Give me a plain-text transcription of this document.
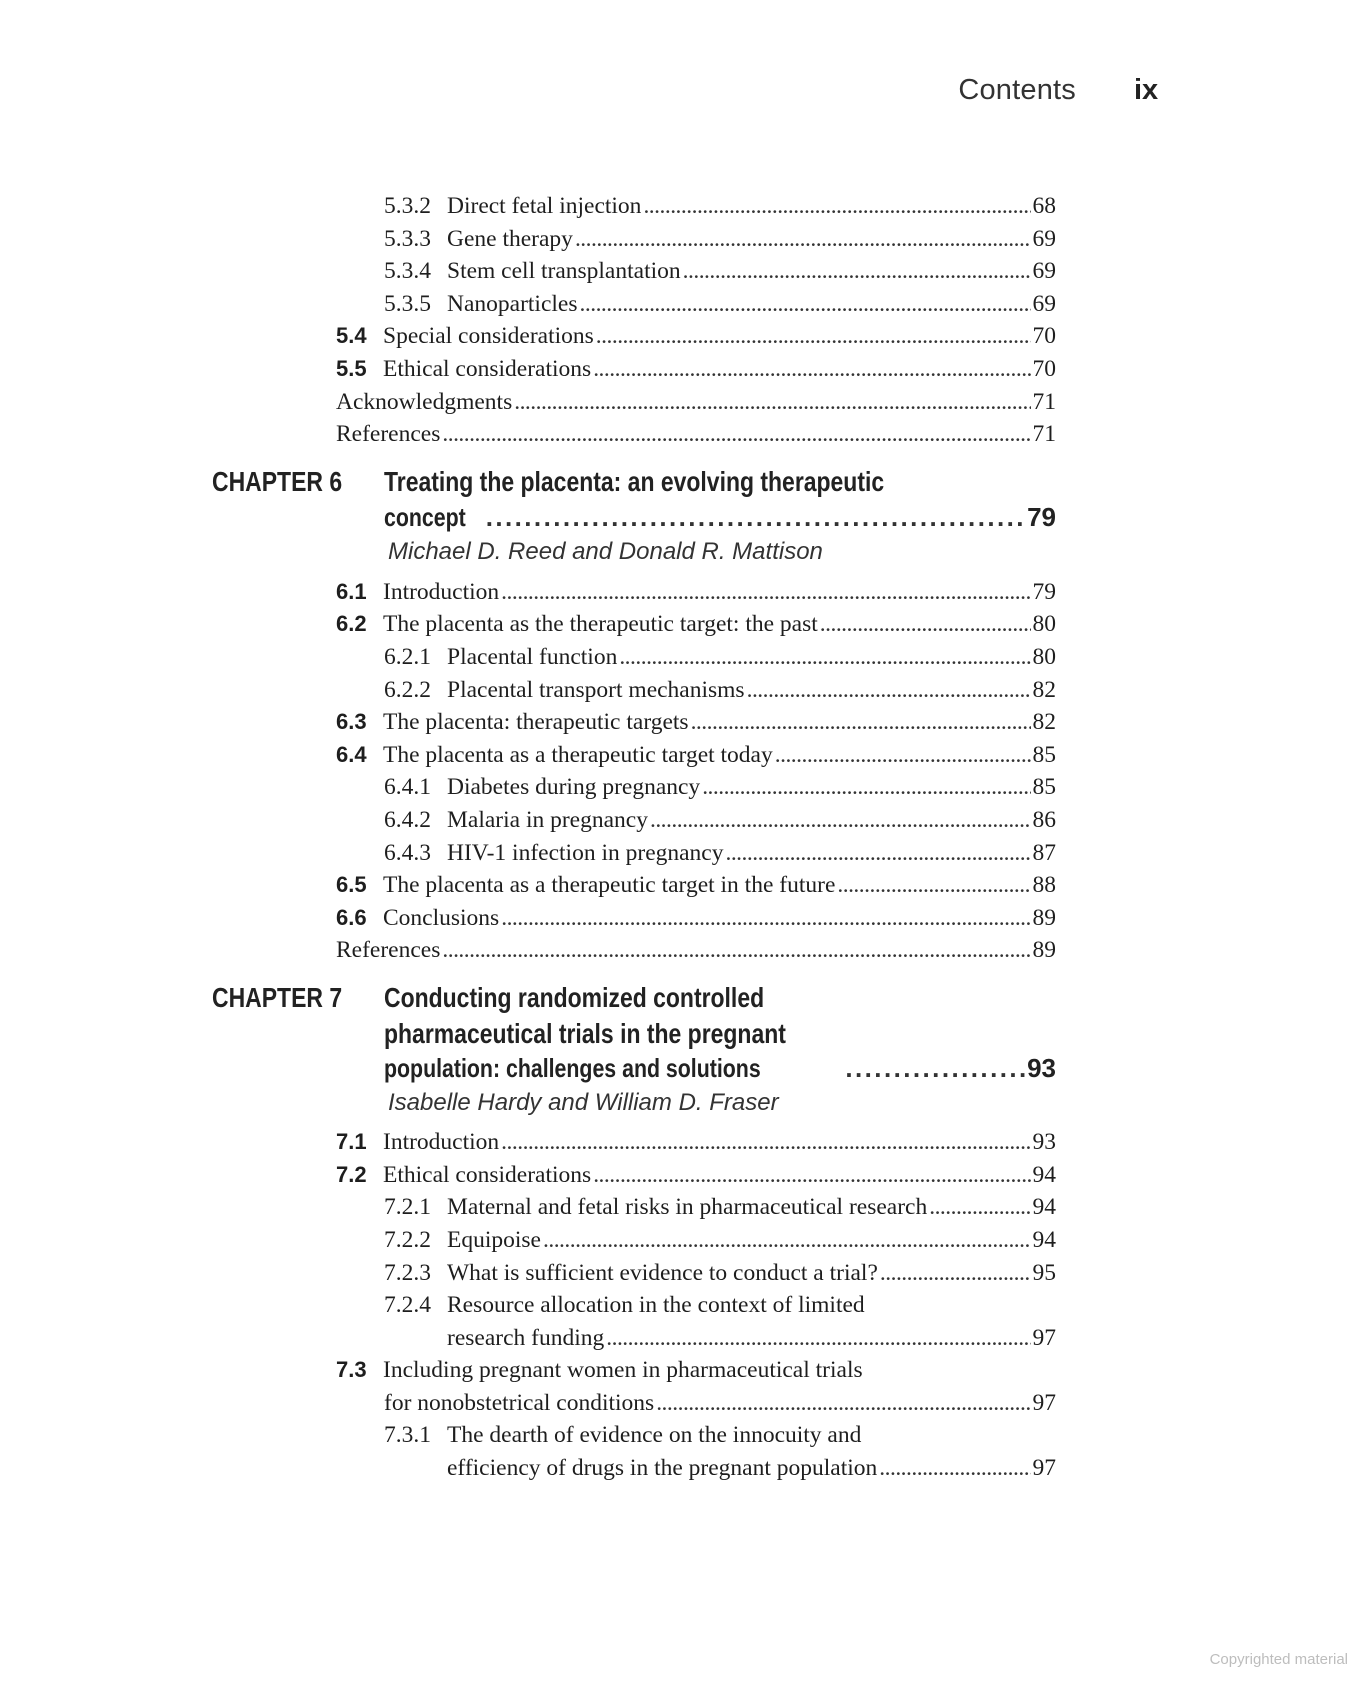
Contents ix
5.3.2 Direct fetal injection . . .	68
5.3.3 Gene therapy . . .	69
5.3.4 Stem cell transplantation . . .	69
5.3.5 Nanoparticles . . .	69
5.4 Special considerations . . .	70
5.5 Ethical considerations . . .	70
Acknowledgments . . .	71
References . . .	71
CHAPTER 6 Treating the placenta: an evolving therapeutic
concept . . .	79
Michael D. Reed and Donald R. Mattison
6.1 Introduction . . .	79
6.2 The placenta as the therapeutic target: the past . . .	80
6.2.1 Placental function . . .	80
6.2.2 Placental transport mechanisms . . .	82
6.3 The placenta: therapeutic targets . . .	82
6.4 The placenta as a therapeutic target today . . .	85
6.4.1 Diabetes during pregnancy . . .	85
6.4.2 Malaria in pregnancy . . .	86
6.4.3 HIV-1 infection in pregnancy . . .	87
6.5 The placenta as a therapeutic target in the future . . .	88
6.6 Conclusions . . .	89
References . . .	89
CHAPTER 7 Conducting randomized controlled
pharmaceutical trials in the pregnant
population: challenges and solutions . . .	93
Isabelle Hardy and William D. Fraser
7.1 Introduction . . .	93
7.2 Ethical considerations . . .	94
7.2.1 Maternal and fetal risks in pharmaceutical research . . .	94
7.2.2 Equipoise . . .	94
7.2.3 What is sufficient evidence to conduct a trial? . . .	95
7.2.4 Resource allocation in the context of limited
research funding . . .	97
7.3 Including pregnant women in pharmaceutical trials
for nonobstetrical conditions . . .	97
7.3.1 The dearth of evidence on the innocuity and
efficiency of drugs in the pregnant population . . .	97
Copyrighted material
